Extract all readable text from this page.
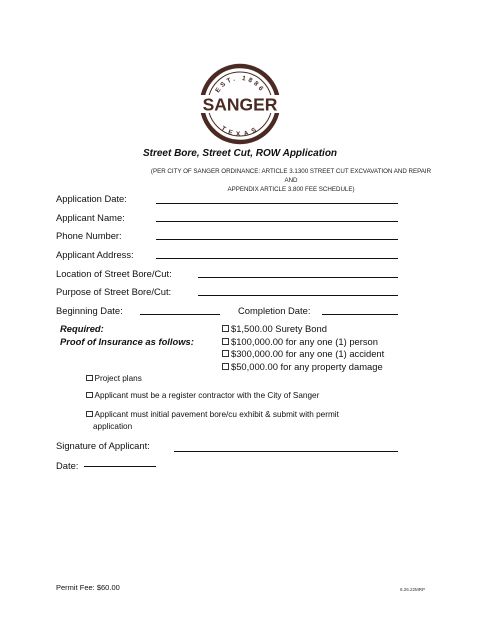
EST. 1886
TEXAS
SANGER
Street Bore, Street Cut, ROW Application
(PER CITY OF SANGER ORDINANCE: ARTICLE 3.1300 STREET CUT EXCVAVATION AND REPAIR AND
APPENDIX ARTICLE 3.800 FEE SCHEDULE)
Application Date:
Applicant Name:
Phone Number:
Applicant Address:
Location of Street Bore/Cut:
Purpose of Street Bore/Cut:
Beginning Date:	Completion Date:
Required:
Proof of Insurance as follows:
$1,500.00 Surety Bond
$100,000.00 for any one (1) person
$300,000.00 for any one (1) accident
$50,000.00 for any property damage
Project plans
Applicant must be a register contractor with the City of Sanger
Applicant must initial pavement bore/cu exhibit & submit with permit
application
Signature of Applicant:
Date:
Permit Fee: $60.00	6.26.22MRP
